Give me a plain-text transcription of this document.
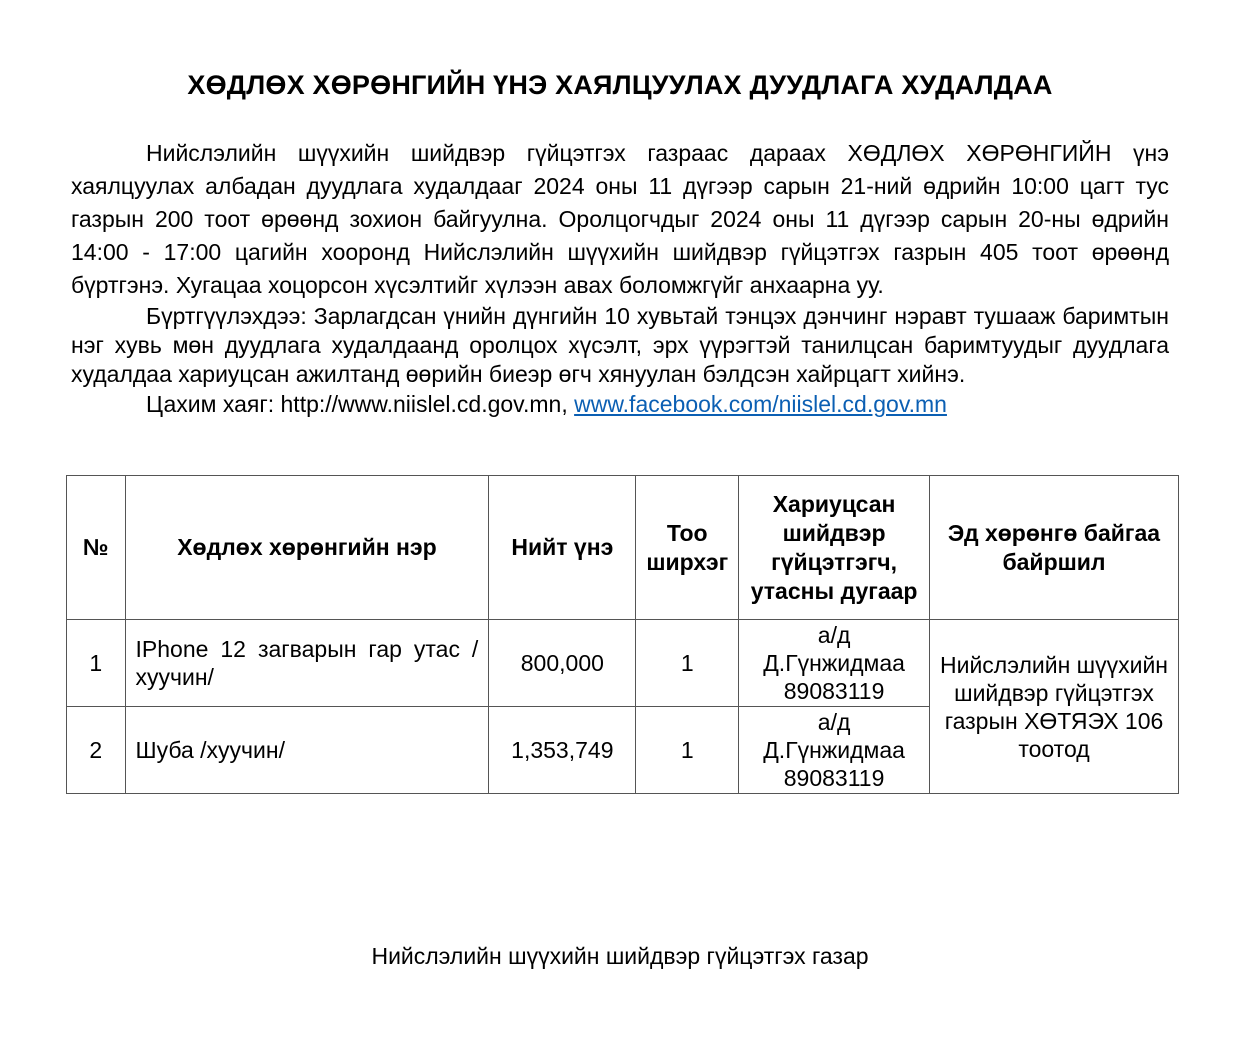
ХӨДЛӨХ ХӨРӨНГИЙН ҮНЭ ХАЯЛЦУУЛАХ ДУУДЛАГА ХУДАЛДАА

Нийслэлийн шүүхийн шийдвэр гүйцэтгэх газраас дараах ХӨДЛӨХ ХӨРӨНГИЙН үнэ хаялцуулах албадан дуудлага худалдааг 2024 оны 11 дүгээр сарын 21-ний өдрийн 10:00 цагт тус газрын 200 тоот өрөөнд зохион байгуулна. Оролцогчдыг 2024 оны 11 дүгээр сарын 20-ны өдрийн 14:00 - 17:00 цагийн хооронд Нийслэлийн шүүхийн шийдвэр гүйцэтгэх газрын 405 тоот өрөөнд бүртгэнэ. Хугацаа хоцорсон хүсэлтийг хүлээн авах боломжгүйг анхаарна уу.

Бүртгүүлэхдээ: Зарлагдсан үнийн дүнгийн 10 хувьтай тэнцэх дэнчинг нэравт тушааж баримтын нэг хувь мөн дуудлага худалдаанд оролцох хүсэлт, эрх үүрэгтэй танилцсан баримтуудыг дуудлага худалдаа хариуцсан ажилтанд өөрийн биеэр өгч хянуулан бэлдсэн хайрцагт хийнэ.

Цахим хаяг: http://www.niislel.cd.gov.mn, www.facebook.com/niislel.cd.gov.mn

№	Хөдлөх хөрөнгийн нэр	Нийт үнэ	Тоо ширхэг	Хариуцсан шийдвэр гүйцэтгэгч, утасны дугаар	Эд хөрөнгө байгаа байршил
1	IPhone 12 загварын гар утас /хуучин/	800,000	1	а/д
Д.Гүнжидмаа
89083119	Нийслэлийн шүүхийн шийдвэр гүйцэтгэх газрын ХӨТЯЭХ 106 тоотод
2	Шуба /хуучин/	1,353,749	1	а/д
Д.Гүнжидмаа
89083119	
Нийслэлийн шүүхийн шийдвэр гүйцэтгэх газар
